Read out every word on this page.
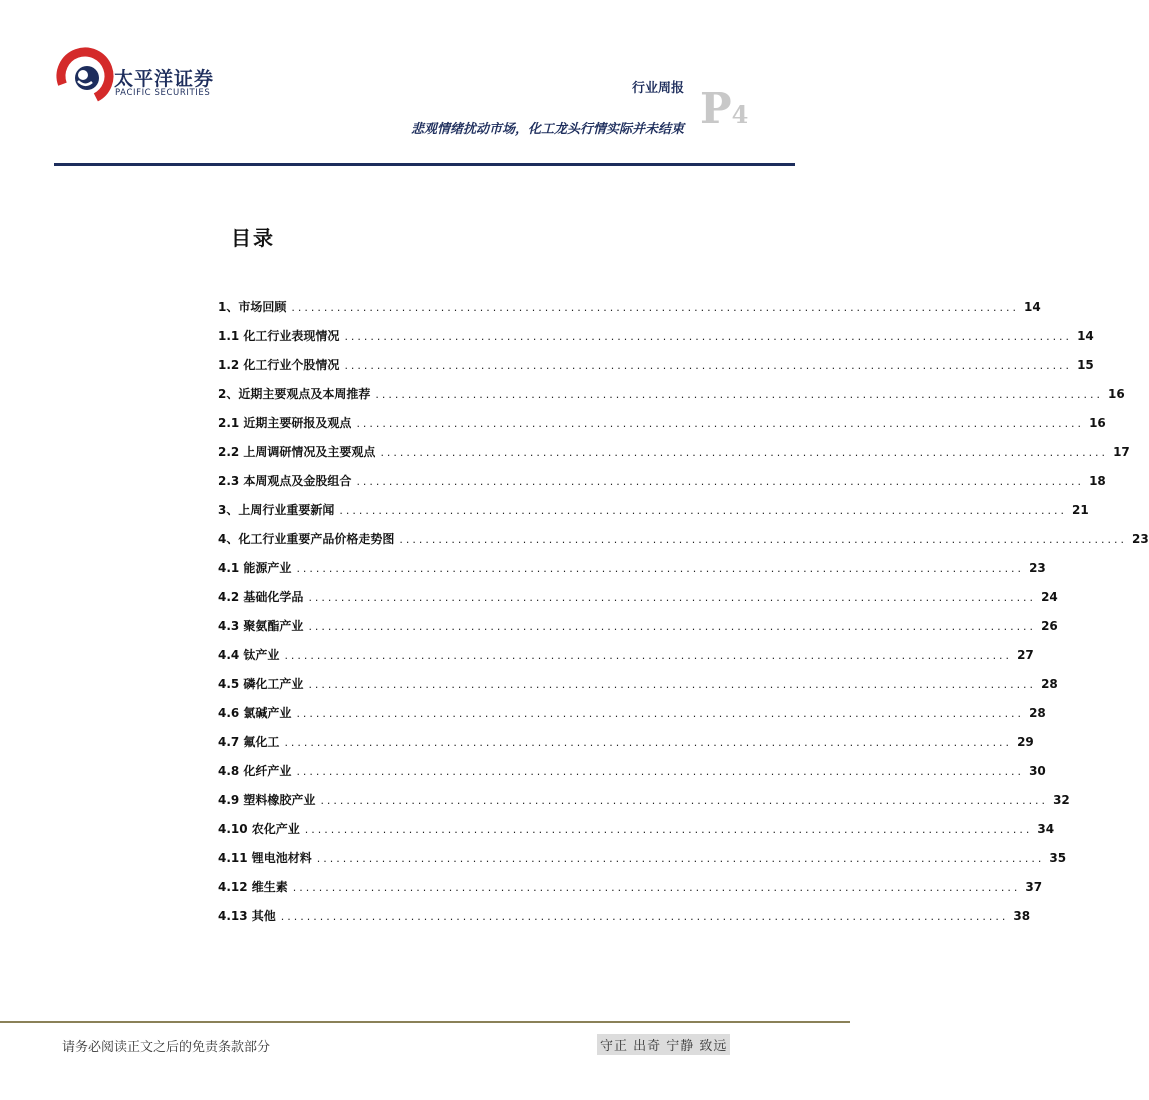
太平洋证券
PACIFIC SECURITIES	行业周报 P4
悲观情绪扰动市场，化工龙头行情实际并未结束
目录
1、市场回顾 ................................................................................................................ 14
1.1 化工行业表现情况 ................................................................................................................ 14
1.2 化工行业个股情况 ................................................................................................................ 15
2、近期主要观点及本周推荐 ................................................................................................................ 16
2.1 近期主要研报及观点 ................................................................................................................ 16
2.2 上周调研情况及主要观点 ................................................................................................................ 17
2.3 本周观点及金股组合 ................................................................................................................ 18
3、上周行业重要新闻 ................................................................................................................ 21
4、化工行业重要产品价格走势图 ................................................................................................................ 23
4.1 能源产业 ................................................................................................................ 23
4.2 基础化学品 ................................................................................................................ 24
4.3 聚氨酯产业 ................................................................................................................ 26
4.4 钛产业 ................................................................................................................ 27
4.5 磷化工产业 ................................................................................................................ 28
4.6 氯碱产业 ................................................................................................................ 28
4.7 氟化工 ................................................................................................................ 29
4.8 化纤产业 ................................................................................................................ 30
4.9 塑料橡胶产业 ................................................................................................................ 32
4.10 农化产业 ................................................................................................................ 34
4.11 锂电池材料 ................................................................................................................ 35
4.12 维生素 ................................................................................................................ 37
4.13 其他 ................................................................................................................ 38
请务必阅读正文之后的免责条款部分	守正 出奇 宁静 致远
